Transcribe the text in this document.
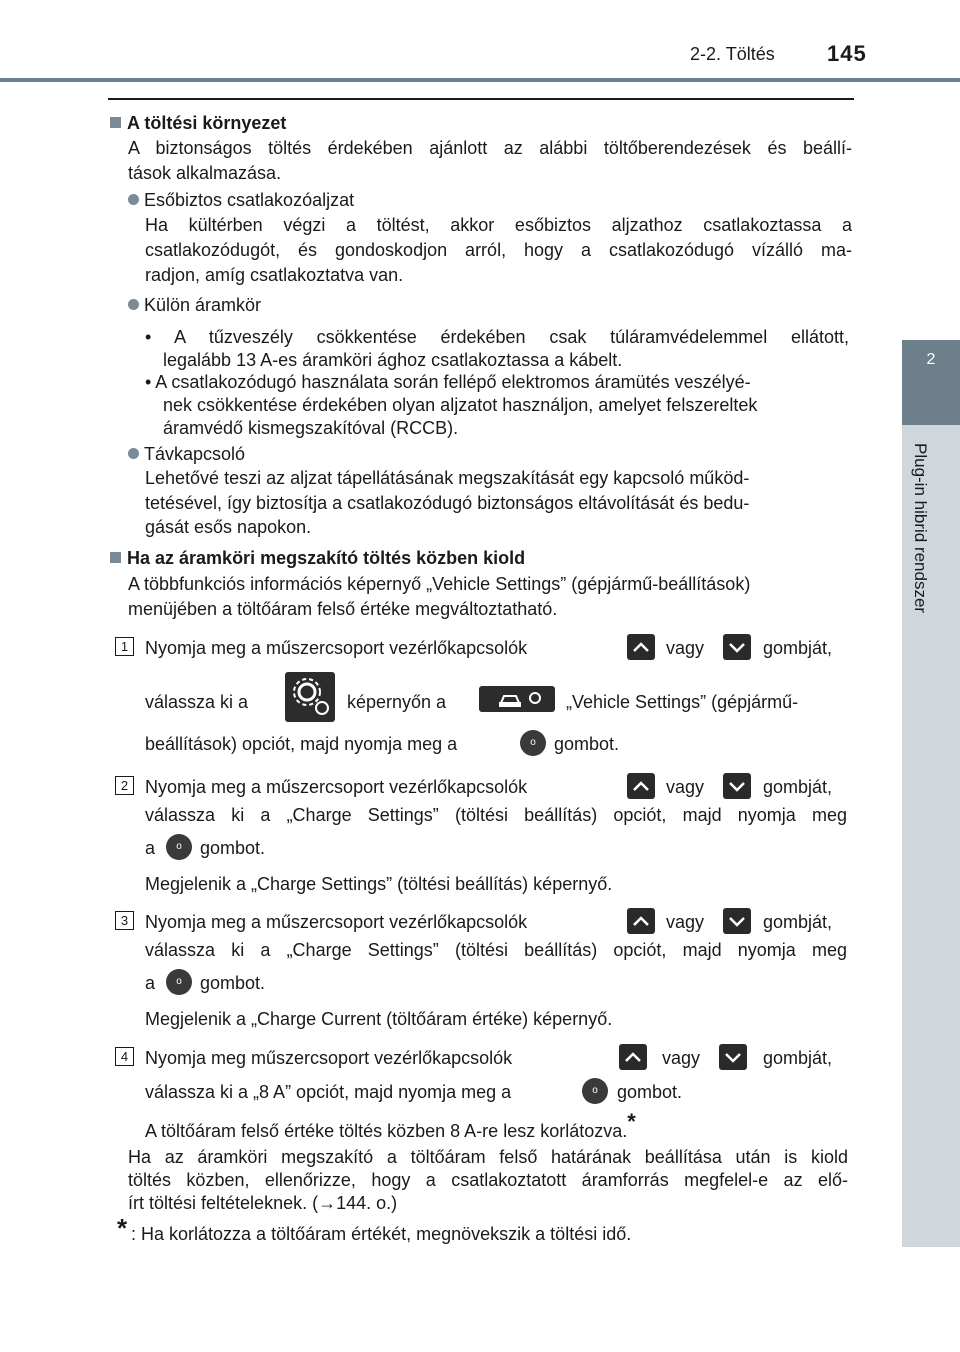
2-2. Töltés 145
2
Plug-in hibrid rendszer
A töltési környezet
A biztonságos töltés érdekében ajánlott az alábbi töltőberendezések és beállí-
tások alkalmazása.
Esőbiztos csatlakozóaljzat
Ha kültérben végzi a töltést, akkor esőbiztos aljzathoz csatlakoztassa a
csatlakozódugót, és gondoskodjon arról, hogy a csatlakozódugó vízálló ma-
radjon, amíg csatlakoztatva van.
Külön áramkör
• A tűzveszély csökkentése érdekében csak túláramvédelemmel ellátott,
legalább 13 A-es áramköri ághoz csatlakoztassa a kábelt.
• A csatlakozódugó használata során fellépő elektromos áramütés veszélyé-
nek csökkentése érdekében olyan aljzatot használjon, amelyet felszereltek
áramvédő kismegszakítóval (RCCB).
Távkapcsoló
Lehetővé teszi az aljzat tápellátásának megszakítását egy kapcsoló működ-
tetésével, így biztosítja a csatlakozódugó biztonságos eltávolítását és bedu-
gását esős napokon.
Ha az áramköri megszakító töltés közben kiold
A többfunkciós információs képernyő „Vehicle Settings” (gépjármű-beállítások)
menüjében a töltőáram felső értéke megváltoztatható.
1 Nyomja meg a műszercsoport vezérlőkapcsolók	vagy	gombját,
válassza ki a	képernyőn a	„Vehicle Settings” (gépjármű-
beállítások) opciót, majd nyomja meg a	o	gombot.
2 Nyomja meg a műszercsoport vezérlőkapcsolók	vagy	gombját,
válassza ki a „Charge Settings” (töltési beállítás) opciót, majd nyomja meg
a	o	gombot.
Megjelenik a „Charge Settings” (töltési beállítás) képernyő.
3 Nyomja meg a műszercsoport vezérlőkapcsolók	vagy	gombját,
válassza ki a „Charge Settings” (töltési beállítás) opciót, majd nyomja meg
a	o	gombot.
Megjelenik a „Charge Current (töltőáram értéke) képernyő.
4 Nyomja meg műszercsoport vezérlőkapcsolók	vagy	gombját,
válassza ki a „8 A” opciót, majd nyomja meg a	o	gombot.
A töltőáram felső értéke töltés közben 8 A-re lesz korlátozva.*
Ha az áramköri megszakító a töltőáram felső határának beállítása után is kiold
töltés közben, ellenőrizze, hogy a csatlakoztatott áramforrás megfelel-e az elő-
írt töltési feltételeknek. (→144. o.)
* : Ha korlátozza a töltőáram értékét, megnövekszik a töltési idő.
